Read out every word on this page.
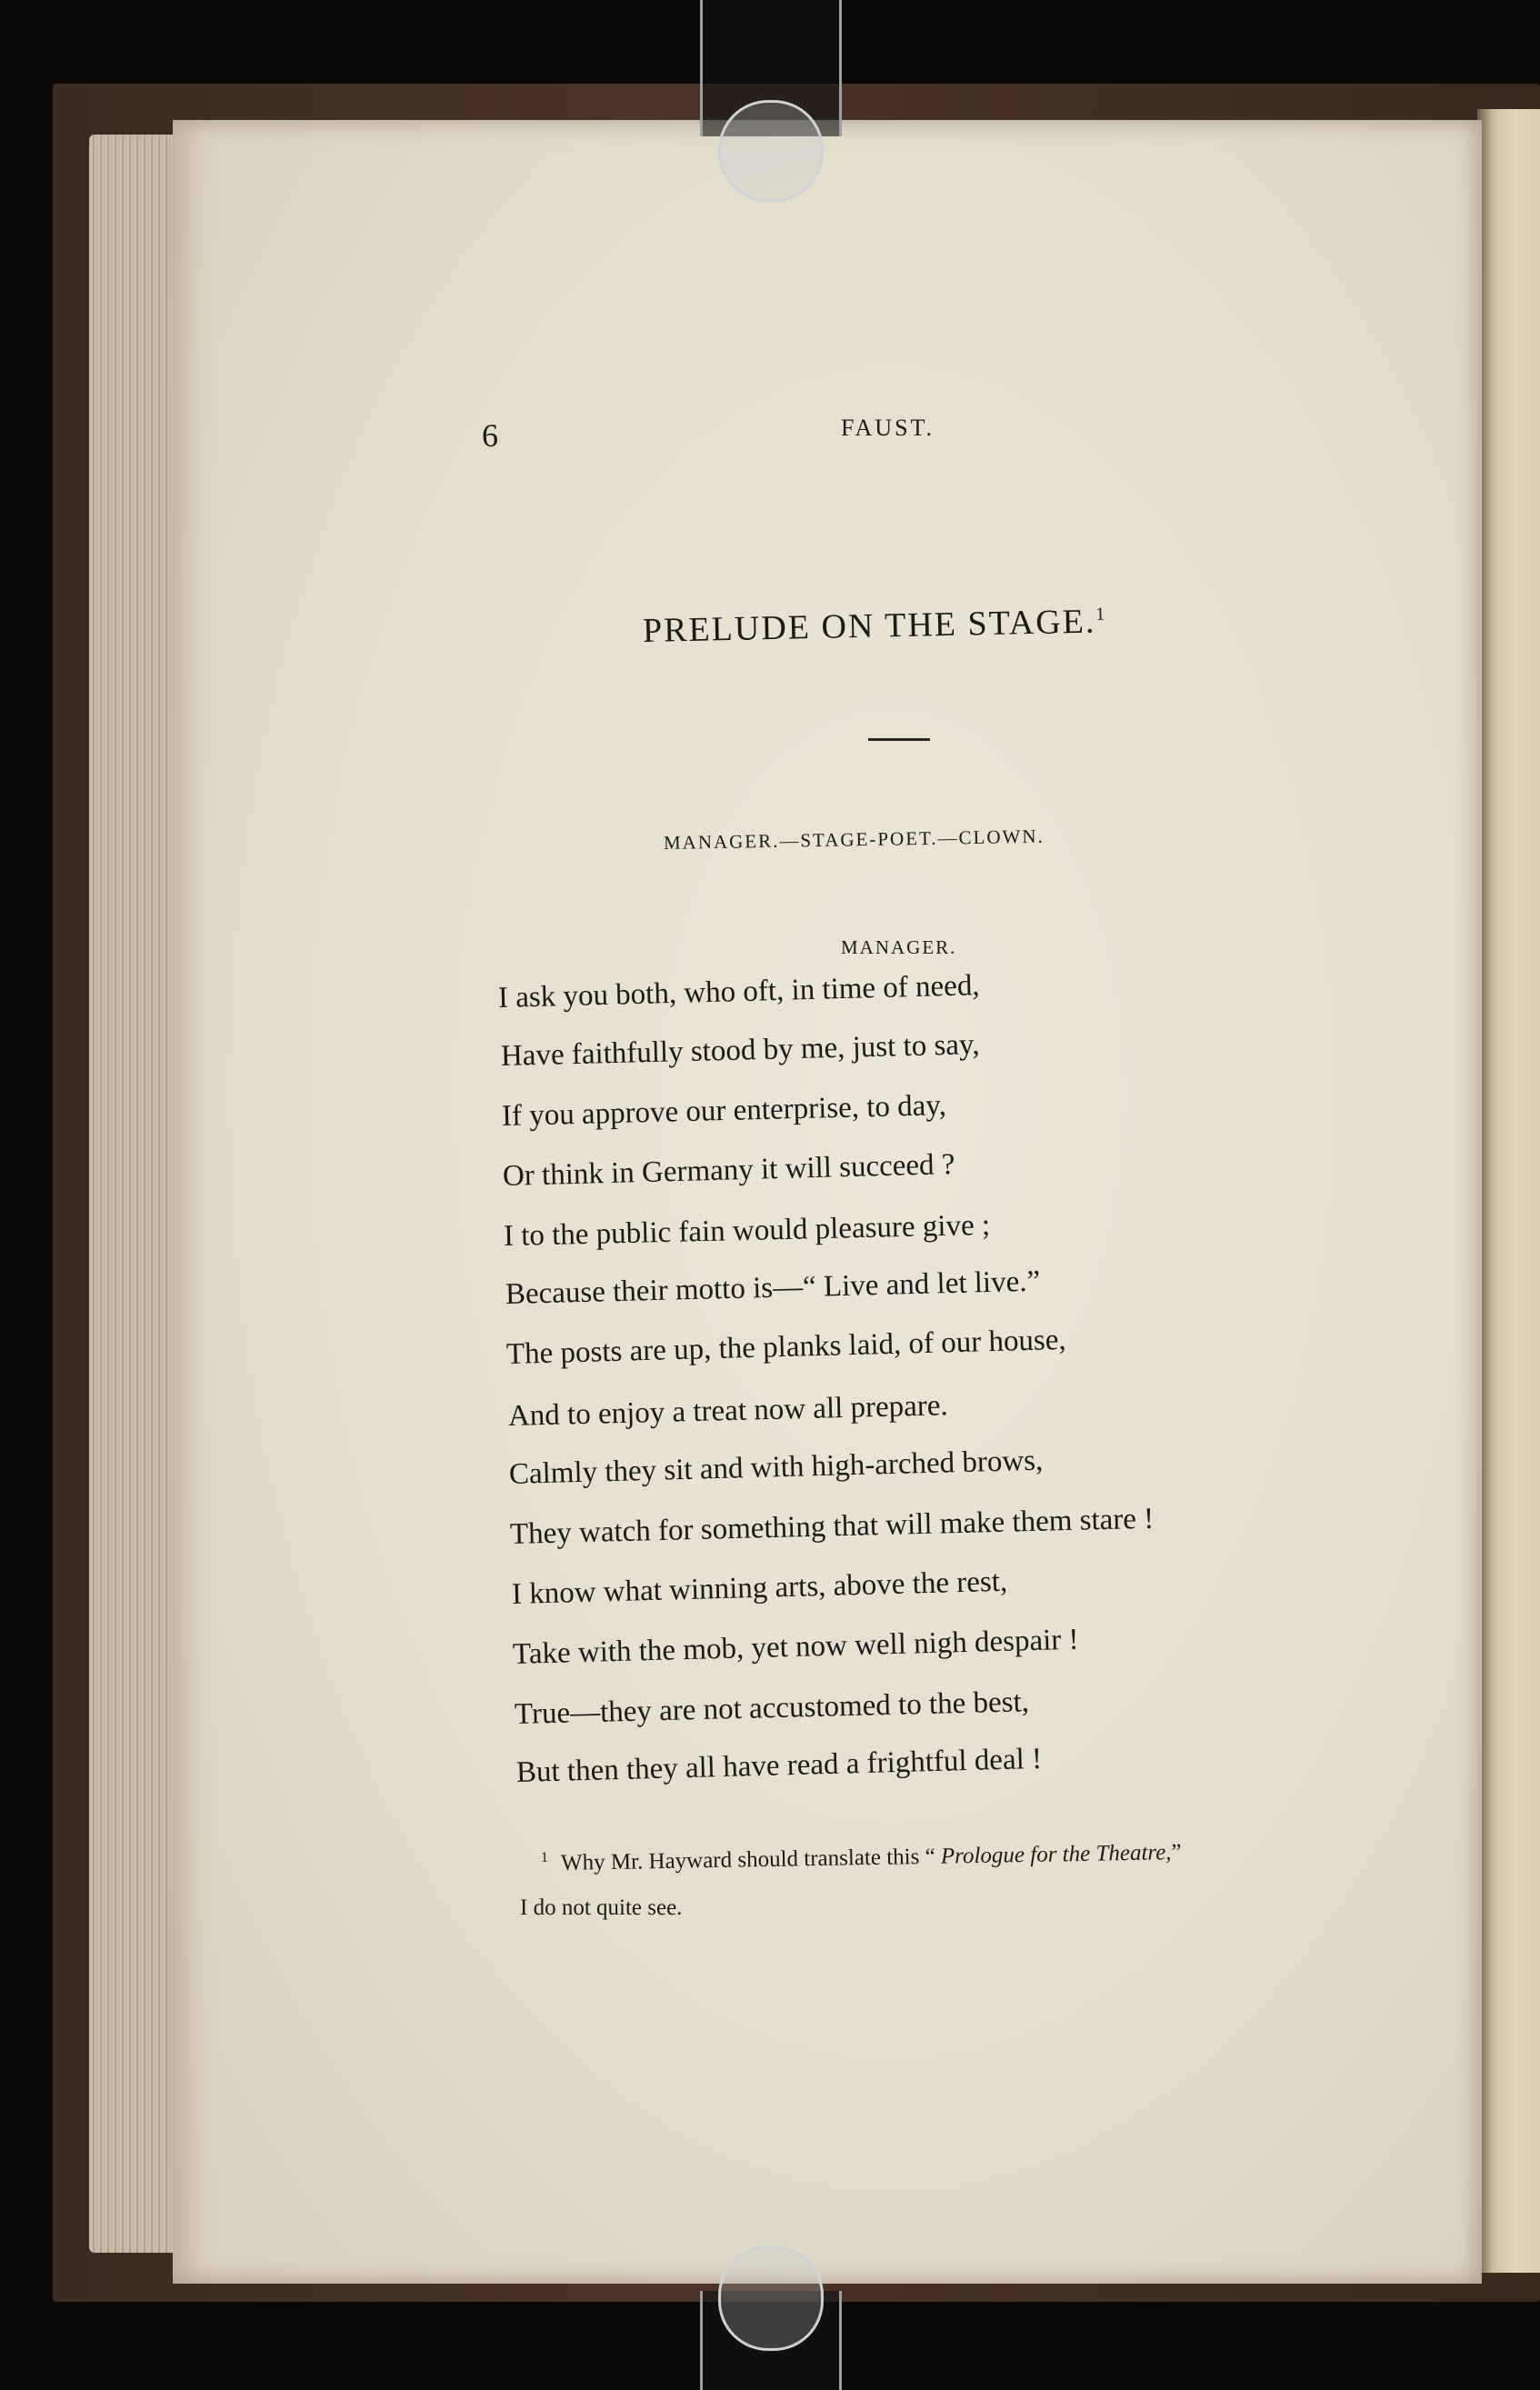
6	FAUST.
PRELUDE ON THE STAGE.$^1$
MANAGER.—STAGE-POET.—CLOWN.
MANAGER.
I ask you both, who oft, in time of need,
Have faithfully stood by me, just to say,
If you approve our enterprise, to day,
Or think in Germany it will succeed ?
I to the public fain would pleasure give ;
Because their motto is—“ Live and let live.”
The posts are up, the planks laid, of our house,
And to enjoy a treat now all prepare.
Calmly they sit and with high-arched brows,
They watch for something that will make them stare !
I know what winning arts, above the rest,
Take with the mob, yet now well nigh despair !
True—they are not accustomed to the best,
But then they all have read a frightful deal !
$^1$ Why Mr. Hayward should translate this “ Prologue for the Theatre,”
I do not quite see.
